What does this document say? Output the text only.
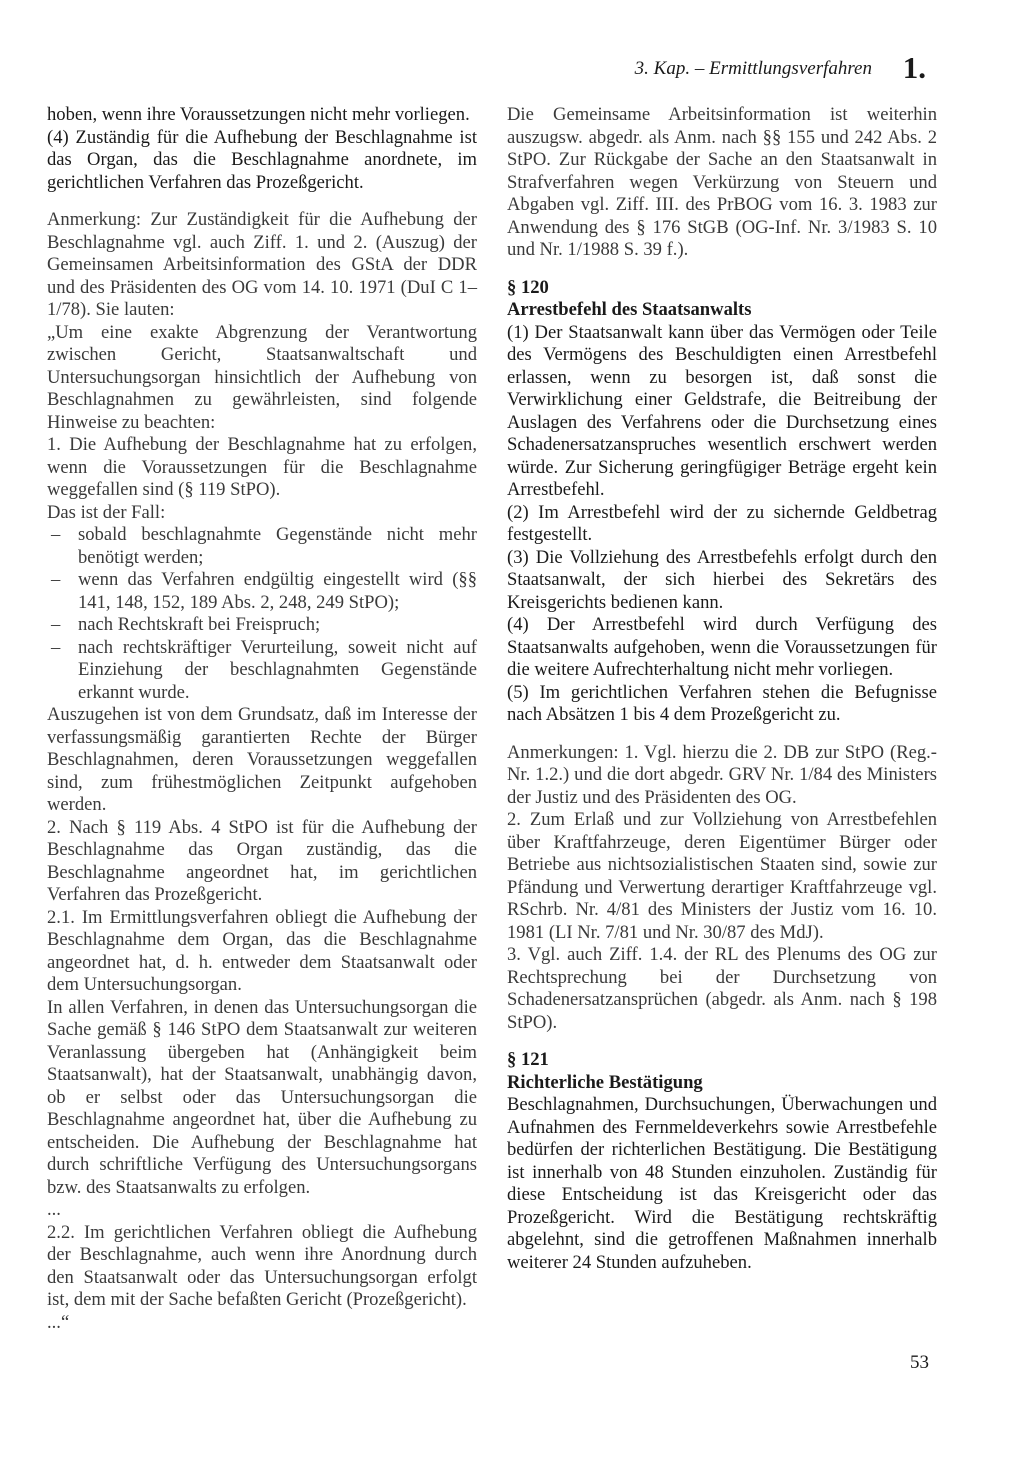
3. Kap. – Ermittlungsverfahren 1.

hoben, wenn ihre Voraussetzungen nicht mehr vorliegen.

(4) Zuständig für die Aufhebung der Beschlagnahme ist das Organ, das die Beschlagnahme anordnete, im gerichtlichen Verfahren das Prozeßgericht.

Anmerkung: Zur Zuständigkeit für die Aufhebung der Beschlagnahme vgl. auch Ziff. 1. und 2. (Auszug) der Gemeinsamen Arbeitsinformation des GStA der DDR und des Präsidenten des OG vom 14. 10. 1971 (DuI C 1–1/78). Sie lauten:

„Um eine exakte Abgrenzung der Verantwortung zwischen Gericht, Staatsanwaltschaft und Untersuchungsorgan hinsichtlich der Aufhebung von Beschlagnahmen zu gewährleisten, sind folgende Hinweise zu beachten:

1. Die Aufhebung der Beschlagnahme hat zu erfolgen, wenn die Voraussetzungen für die Beschlagnahme weggefallen sind (§ 119 StPO).

Das ist der Fall:

– sobald beschlagnahmte Gegenstände nicht mehr benötigt werden;
– wenn das Verfahren endgültig eingestellt wird (§§ 141, 148, 152, 189 Abs. 2, 248, 249 StPO);
– nach Rechtskraft bei Freispruch;
– nach rechtskräftiger Verurteilung, soweit nicht auf Einziehung der beschlagnahmten Gegenstände erkannt wurde.

Auszugehen ist von dem Grundsatz, daß im Interesse der verfassungsmäßig garantierten Rechte der Bürger Beschlagnahmen, deren Voraussetzungen weggefallen sind, zum frühestmöglichen Zeitpunkt aufgehoben werden.

2. Nach § 119 Abs. 4 StPO ist für die Aufhebung der Beschlagnahme das Organ zuständig, das die Beschlagnahme angeordnet hat, im gerichtlichen Verfahren das Prozeßgericht.

2.1. Im Ermittlungsverfahren obliegt die Aufhebung der Beschlagnahme dem Organ, das die Beschlagnahme angeordnet hat, d. h. entweder dem Staatsanwalt oder dem Untersuchungsorgan.

In allen Verfahren, in denen das Untersuchungsorgan die Sache gemäß § 146 StPO dem Staatsanwalt zur weiteren Veranlassung übergeben hat (Anhängigkeit beim Staatsanwalt), hat der Staatsanwalt, unabhängig davon, ob er selbst oder das Untersuchungsorgan die Beschlagnahme angeordnet hat, über die Aufhebung zu entscheiden. Die Aufhebung der Beschlagnahme hat durch schriftliche Verfügung des Untersuchungsorgans bzw. des Staatsanwalts zu erfolgen.

...

2.2. Im gerichtlichen Verfahren obliegt die Aufhebung der Beschlagnahme, auch wenn ihre Anordnung durch den Staatsanwalt oder das Untersuchungsorgan erfolgt ist, dem mit der Sache befaßten Gericht (Prozeßgericht).

...“

Die Gemeinsame Arbeitsinformation ist weiterhin auszugsw. abgedr. als Anm. nach §§ 155 und 242 Abs. 2 StPO. Zur Rückgabe der Sache an den Staatsanwalt in Strafverfahren wegen Verkürzung von Steuern und Abgaben vgl. Ziff. III. des PrBOG vom 16. 3. 1983 zur Anwendung des § 176 StGB (OG-Inf. Nr. 3/1983 S. 10 und Nr. 1/1988 S. 39 f.).

§ 120

Arrestbefehl des Staatsanwalts

(1) Der Staatsanwalt kann über das Vermögen oder Teile des Vermögens des Beschuldigten einen Arrestbefehl erlassen, wenn zu besorgen ist, daß sonst die Verwirklichung einer Geldstrafe, die Beitreibung der Auslagen des Verfahrens oder die Durchsetzung eines Schadenersatzanspruches wesentlich erschwert werden würde. Zur Sicherung geringfügiger Beträge ergeht kein Arrestbefehl.

(2) Im Arrestbefehl wird der zu sichernde Geldbetrag festgestellt.

(3) Die Vollziehung des Arrestbefehls erfolgt durch den Staatsanwalt, der sich hierbei des Sekretärs des Kreisgerichts bedienen kann.

(4) Der Arrestbefehl wird durch Verfügung des Staatsanwalts aufgehoben, wenn die Voraussetzungen für die weitere Aufrechterhaltung nicht mehr vorliegen.

(5) Im gerichtlichen Verfahren stehen die Befugnisse nach Absätzen 1 bis 4 dem Prozeßgericht zu.

Anmerkungen: 1. Vgl. hierzu die 2. DB zur StPO (Reg.-Nr. 1.2.) und die dort abgedr. GRV Nr. 1/84 des Ministers der Justiz und des Präsidenten des OG.

2. Zum Erlaß und zur Vollziehung von Arrestbefehlen über Kraftfahrzeuge, deren Eigentümer Bürger oder Betriebe aus nichtsozialistischen Staaten sind, sowie zur Pfändung und Verwertung derartiger Kraftfahrzeuge vgl. RSchrb. Nr. 4/81 des Ministers der Justiz vom 16. 10. 1981 (LI Nr. 7/81 und Nr. 30/87 des MdJ).

3. Vgl. auch Ziff. 1.4. der RL des Plenums des OG zur Rechtsprechung bei der Durchsetzung von Schadenersatzansprüchen (abgedr. als Anm. nach § 198 StPO).

§ 121

Richterliche Bestätigung

Beschlagnahmen, Durchsuchungen, Überwachungen und Aufnahmen des Fernmeldeverkehrs sowie Arrestbefehle bedürfen der richterlichen Bestätigung. Die Bestätigung ist innerhalb von 48 Stunden einzuholen. Zuständig für diese Entscheidung ist das Kreisgericht oder das Prozeßgericht. Wird die Bestätigung rechtskräftig abgelehnt, sind die getroffenen Maßnahmen innerhalb weiterer 24 Stunden aufzuheben.

53
